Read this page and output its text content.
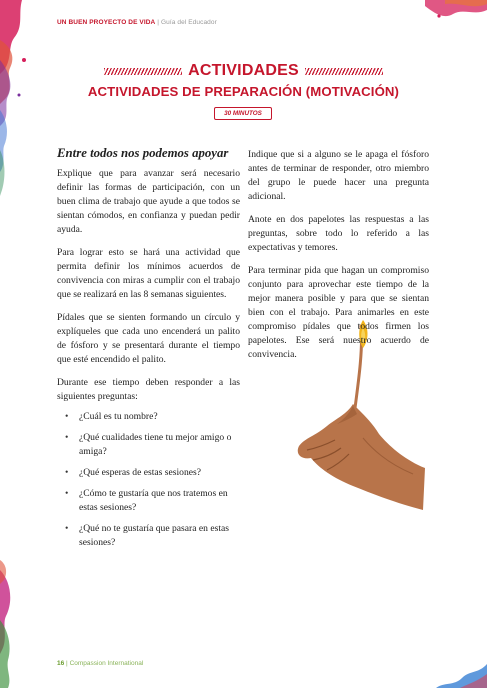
UN BUEN PROYECTO DE VIDA | Guía del Educador
ACTIVIDADES
ACTIVIDADES DE PREPARACIÓN (MOTIVACIÓN)
30 MINUTOS
Entre todos nos podemos apoyar

Explique que para avanzar será necesario definir las formas de participación, con un buen clima de trabajo que ayude a que todos se sientan cómodos, en confianza y puedan pedir ayuda.

Para lograr esto se hará una actividad que permita definir los mínimos acuerdos de convivencia con miras a cumplir con el trabajo que se realizará en las 8 semanas siguientes.

Pídales que se sienten formando un círculo y explíqueles que cada uno encenderá un palito de fósforo y se presentará durante el tiempo que esté encendido el palito.

Durante ese tiempo deben responder a las siguientes preguntas:

• ¿Cuál es tu nombre?
• ¿Qué cualidades tiene tu mejor amigo o amiga?
• ¿Qué esperas de estas sesiones?
• ¿Cómo te gustaría que nos tratemos en estas sesiones?
• ¿Qué no te gustaría que pasara en estas sesiones?

Indique que si a alguno se le apaga el fósforo antes de terminar de responder, otro miembro del grupo le puede hacer una pregunta adicional.

Anote en dos papelotes las respuestas a las preguntas, sobre todo lo referido a las expectativas y temores.

Para terminar pida que hagan un compromiso conjunto para aprovechar este tiempo de la mejor manera posible y para que se sientan bien con el trabajo. Para animarles en este compromiso pídales que todos firmen los papelotes. Ese será nuestro acuerdo de convivencia.

16 | Compassion International
